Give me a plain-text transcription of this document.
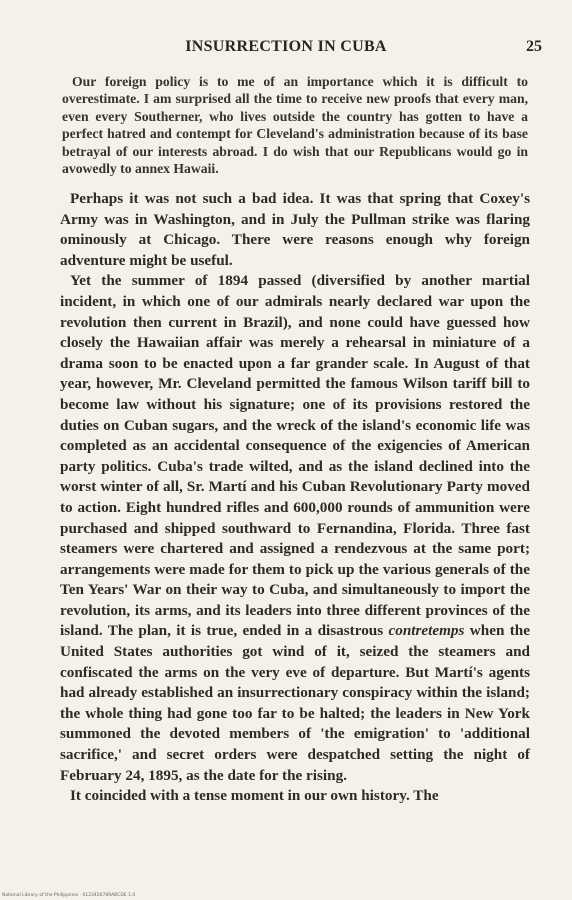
INSURRECTION IN CUBA	25
Our foreign policy is to me of an importance which it is difficult to overestimate. I am surprised all the time to receive new proofs that every man, even every Southerner, who lives outside the country has gotten to have a perfect hatred and contempt for Cleveland's administration because of its base betrayal of our interests abroad. I do wish that our Republicans would go in avowedly to annex Hawaii.

Perhaps it was not such a bad idea. It was that spring that Coxey's Army was in Washington, and in July the Pullman strike was flaring ominously at Chicago. There were reasons enough why foreign adventure might be useful.

Yet the summer of 1894 passed (diversified by another martial incident, in which one of our admirals nearly declared war upon the revolution then current in Brazil), and none could have guessed how closely the Hawaiian affair was merely a rehearsal in miniature of a drama soon to be enacted upon a far grander scale. In August of that year, however, Mr. Cleveland permitted the famous Wilson tariff bill to become law without his signature; one of its provisions restored the duties on Cuban sugars, and the wreck of the island's economic life was completed as an accidental consequence of the exigencies of American party politics. Cuba's trade wilted, and as the island declined into the worst winter of all, Sr. Martí and his Cuban Revolutionary Party moved to action. Eight hundred rifles and 600,000 rounds of ammunition were purchased and shipped southward to Fernandina, Florida. Three fast steamers were chartered and assigned a rendezvous at the same port; arrangements were made for them to pick up the various generals of the Ten Years' War on their way to Cuba, and simultaneously to import the revolution, its arms, and its leaders into three different provinces of the island. The plan, it is true, ended in a disastrous contretemps when the United States authorities got wind of it, seized the steamers and confiscated the arms on the very eve of departure. But Martí's agents had already established an insurrectionary conspiracy within the island; the whole thing had gone too far to be halted; the leaders in New York summoned the devoted members of 'the emigration' to 'additional sacrifice,' and secret orders were despatched setting the night of February 24, 1895, as the date for the rising.

It coincided with a tense moment in our own history. The

National Library of the Philippines · 0123456789ABCDE 1.0
